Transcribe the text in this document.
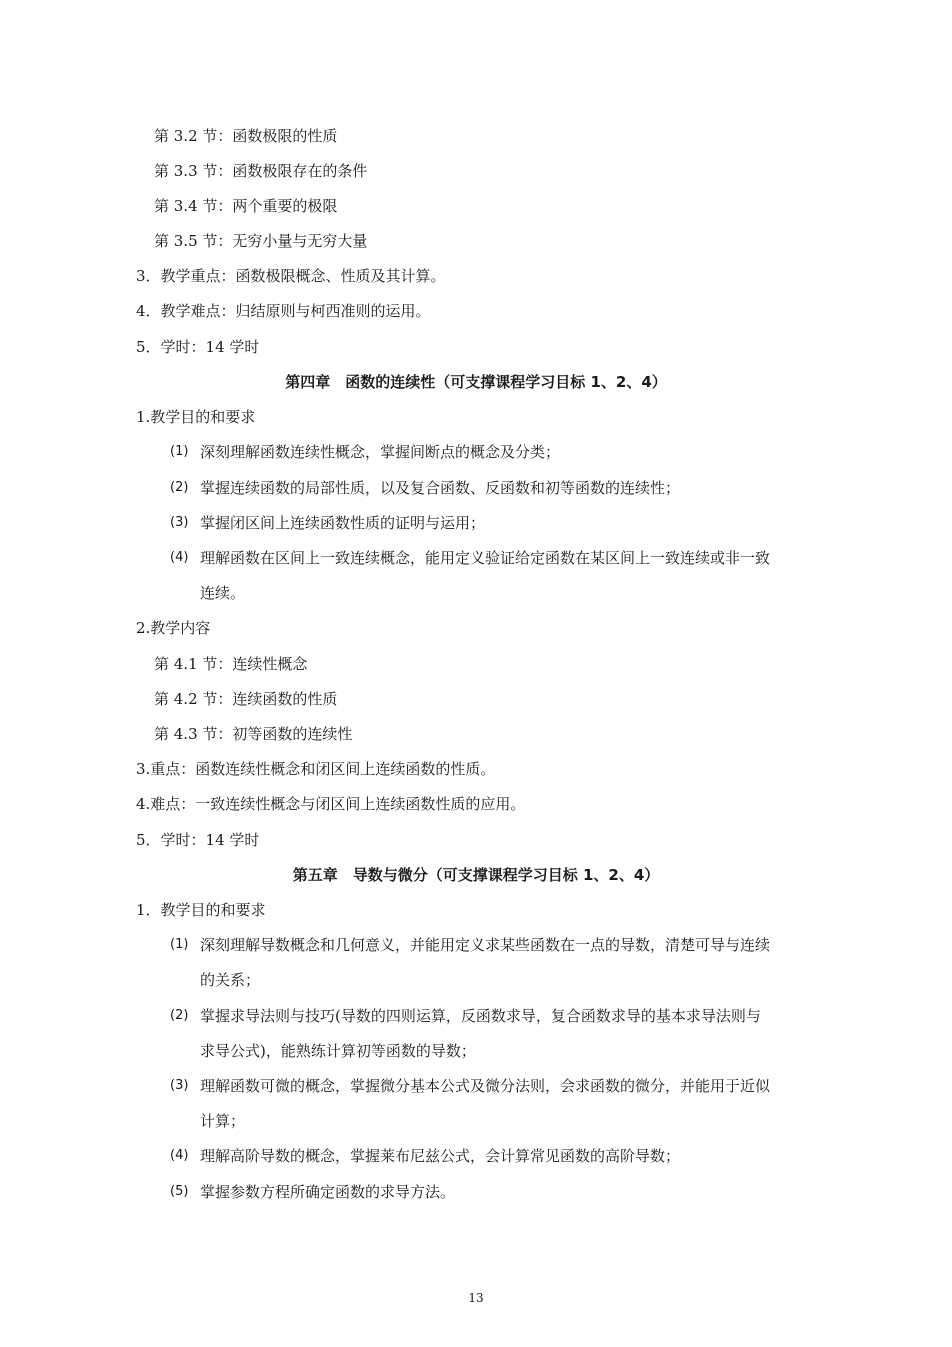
第 3.2 节：函数极限的性质
第 3.3 节：函数极限存在的条件
第 3.4 节：两个重要的极限
第 3.5 节：无穷小量与无穷大量
3．教学重点：函数极限概念、性质及其计算。
4．教学难点：归结原则与柯西准则的运用。
5．学时：14 学时
第四章　函数的连续性（可支撑课程学习目标 1、2、4）
1.教学目的和要求
(1) 深刻理解函数连续性概念，掌握间断点的概念及分类；
(2) 掌握连续函数的局部性质，以及复合函数、反函数和初等函数的连续性；
(3) 掌握闭区间上连续函数性质的证明与运用；
(4) 理解函数在区间上一致连续概念，能用定义验证给定函数在某区间上一致连续或非一致
连续。
2.教学内容
第 4.1 节：连续性概念
第 4.2 节：连续函数的性质
第 4.3 节：初等函数的连续性
3.重点：函数连续性概念和闭区间上连续函数的性质。
4.难点：一致连续性概念与闭区间上连续函数性质的应用。
5．学时：14 学时
第五章　导数与微分（可支撑课程学习目标 1、2、4）
1．教学目的和要求
(1) 深刻理解导数概念和几何意义，并能用定义求某些函数在一点的导数，清楚可导与连续
的关系；
(2) 掌握求导法则与技巧(导数的四则运算，反函数求导，复合函数求导的基本求导法则与
求导公式)，能熟练计算初等函数的导数；
(3) 理解函数可微的概念，掌握微分基本公式及微分法则，会求函数的微分，并能用于近似
计算；
(4) 理解高阶导数的概念，掌握莱布尼兹公式，会计算常见函数的高阶导数；
(5) 掌握参数方程所确定函数的求导方法。
13
